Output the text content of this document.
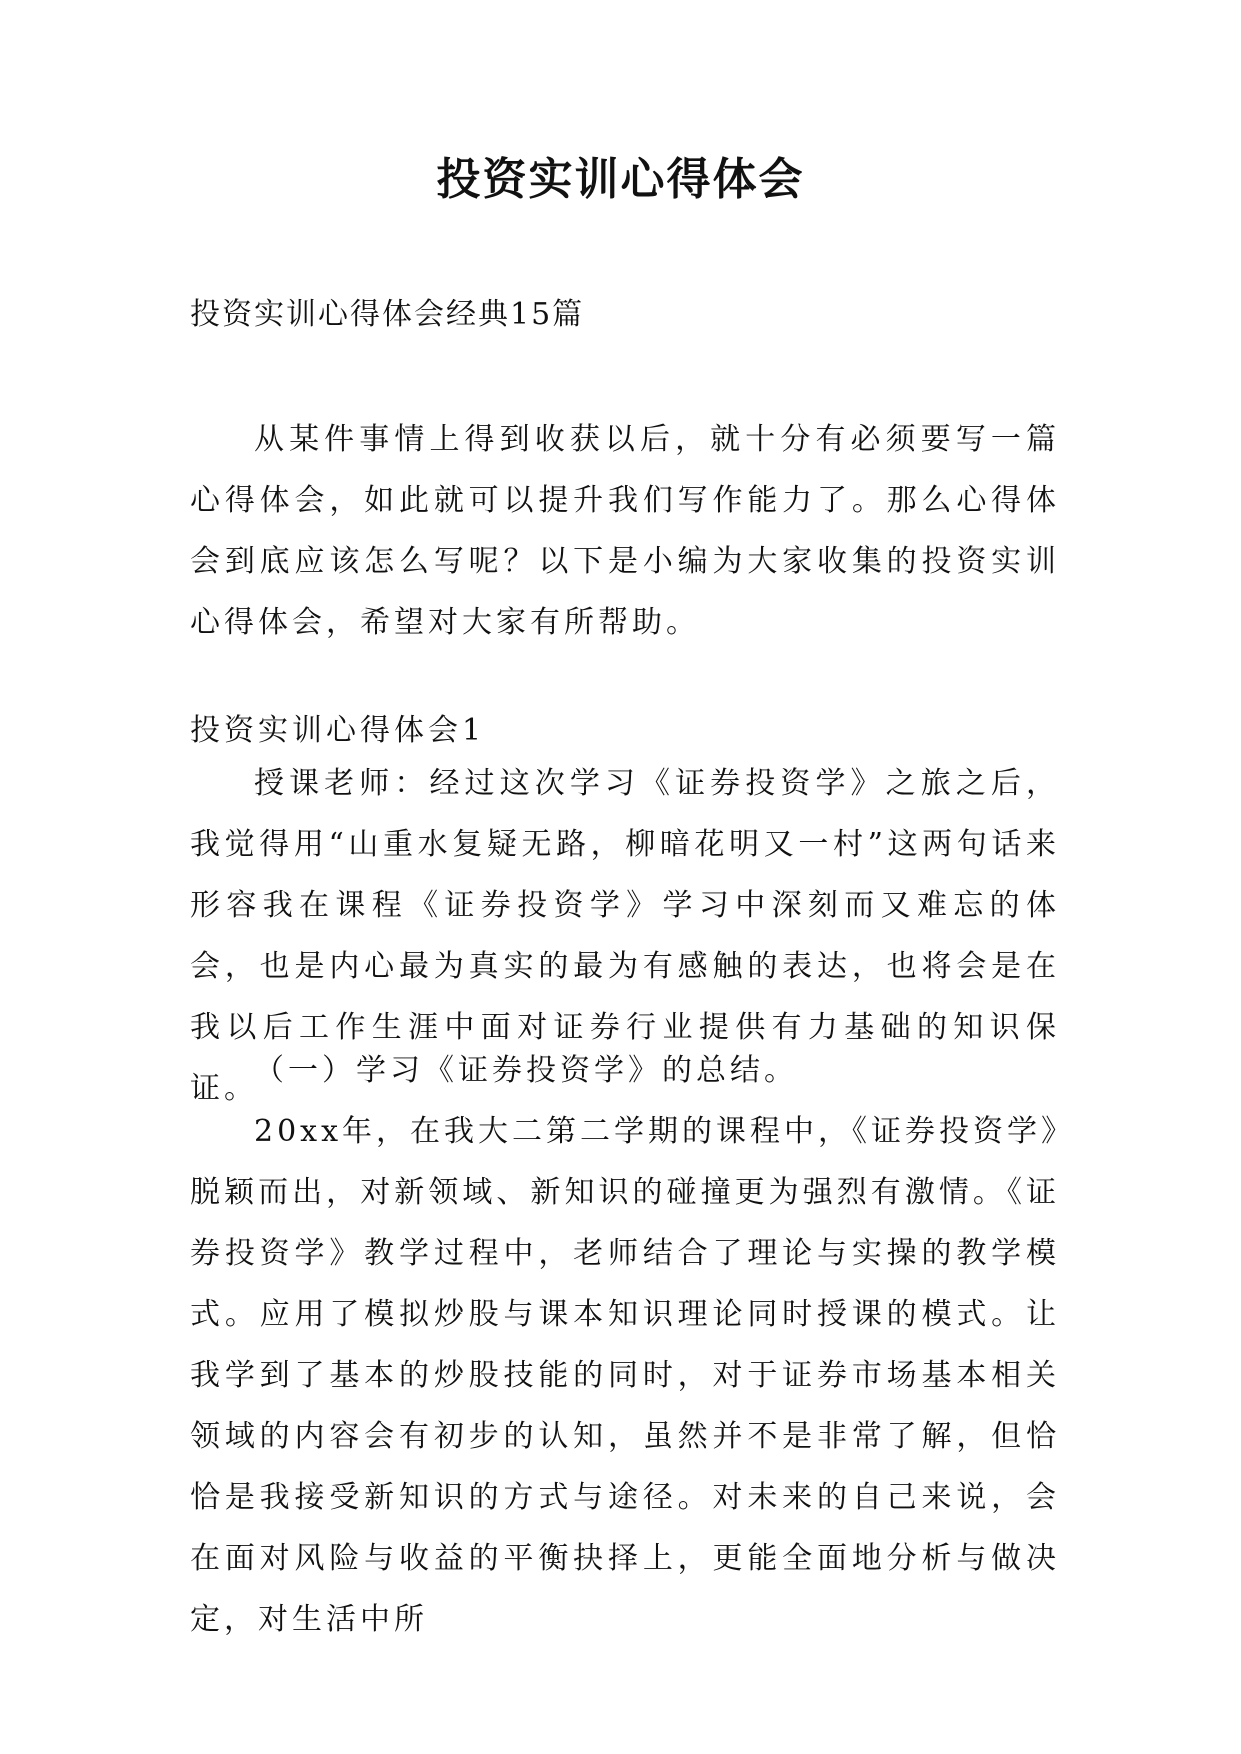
投资实训心得体会
投资实训心得体会经典15篇

从某件事情上得到收获以后，就十分有必须要写一篇心得体会，如此就可以提升我们写作能力了。那么心得体会到底应该怎么写呢？以下是小编为大家收集的投资实训心得体会，希望对大家有所帮助。

投资实训心得体会1

授课老师：经过这次学习《证券投资学》之旅之后，我觉得用“山重水复疑无路，柳暗花明又一村”这两句话来形容我在课程《证券投资学》学习中深刻而又难忘的体会，也是内心最为真实的最为有感触的表达，也将会是在我以后工作生涯中面对证券行业提供有力基础的知识保证。

（一）学习《证券投资学》的总结。

20xx年，在我大二第二学期的课程中，《证券投资学》脱颖而出，对新领域、新知识的碰撞更为强烈有激情。《证券投资学》教学过程中，老师结合了理论与实操的教学模式。应用了模拟炒股与课本知识理论同时授课的模式。让我学到了基本的炒股技能的同时，对于证券市场基本相关领域的内容会有初步的认知，虽然并不是非常了解，但恰恰是我接受新知识的方式与途径。对未来的自己来说，会在面对风险与收益的平衡抉择上，更能全面地分析与做决定，对生活中所
